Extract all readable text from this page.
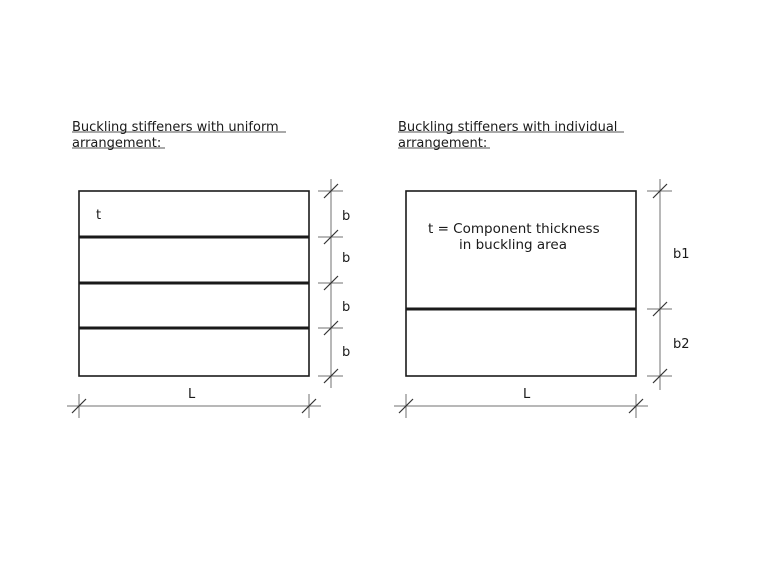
Buckling stiffeners with uniform
arrangement:
t	b
b
b
b
L
Buckling stiffeners with individual
arrangement:
t = Component thickness
in buckling area
b1
b2
L
